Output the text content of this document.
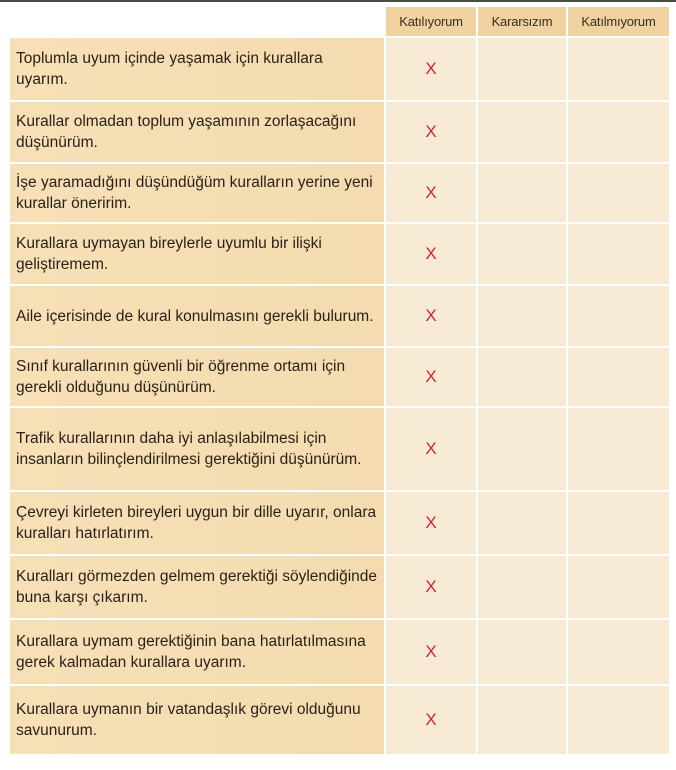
	Katılıyorum	Kararsızım	Katılmıyorum
Toplumla uyum içinde yaşamak için kurallara uyarım.	X		
Kurallar olmadan toplum yaşamının zorlaşacağını düşünürüm.	X		
İşe yaramadığını düşündüğüm kuralların yerine yeni kurallar öneririm.	X		
Kurallara uymayan bireylerle uyumlu bir ilişki geliştiremem.	X		
Aile içerisinde de kural konulmasını gerekli bulurum.	X		
Sınıf kurallarının güvenli bir öğrenme ortamı için gerekli olduğunu düşünürüm.	X		
Trafik kurallarının daha iyi anlaşılabilmesi için insanların bilinçlendirilmesi gerektiğini düşünürüm.	X		
Çevreyi kirleten bireyleri uygun bir dille uyarır, onlara kuralları hatırlatırım.	X		
Kuralları görmezden gelmem gerektiği söylendiğinde buna karşı çıkarım.	X		
Kurallara uymam gerektiğinin bana hatırlatılmasına gerek kalmadan kurallara uyarım.	X		
Kurallara uymanın bir vatandaşlık görevi olduğunu savunurum.	X		
